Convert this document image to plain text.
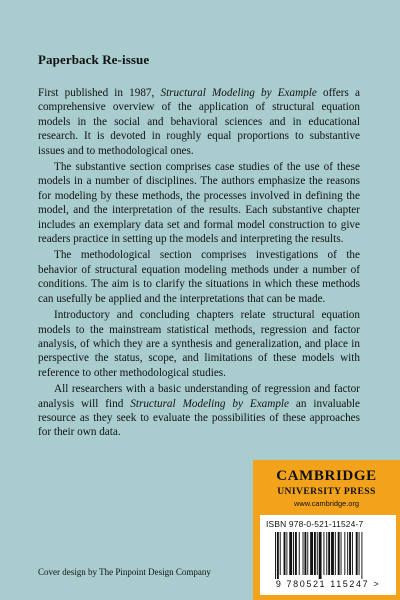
Paperback Re-issue

First published in 1987, Structural Modeling by Example offers a comprehensive overview of the application of structural equation models in the social and behavioral sciences and in educational research. It is devoted in roughly equal proportions to substantive issues and to methodological ones.

The substantive section comprises case studies of the use of these models in a number of disciplines. The authors emphasize the reasons for modeling by these methods, the processes involved in defining the model, and the interpretation of the results. Each substantive chapter includes an exemplary data set and formal model construction to give readers practice in setting up the models and interpreting the results.

The methodological section comprises investigations of the behavior of structural equation modeling methods under a number of conditions. The aim is to clarify the situations in which these methods can usefully be applied and the interpretations that can be made.

Introductory and concluding chapters relate structural equation models to the mainstream statistical methods, regression and factor analysis, of which they are a synthesis and generalization, and place in perspective the status, scope, and limitations of these models with reference to other methodological studies.

All researchers with a basic understanding of regression and factor analysis will find Structural Modeling by Example an invaluable resource as they seek to evaluate the possibilities of these approaches for their own data.

CAMBRIDGE
UNIVERSITY PRESS
www.cambridge.org
ISBN 978-0-521-11524-7
9 780521 115247 >
Cover design by The Pinpoint Design Company
